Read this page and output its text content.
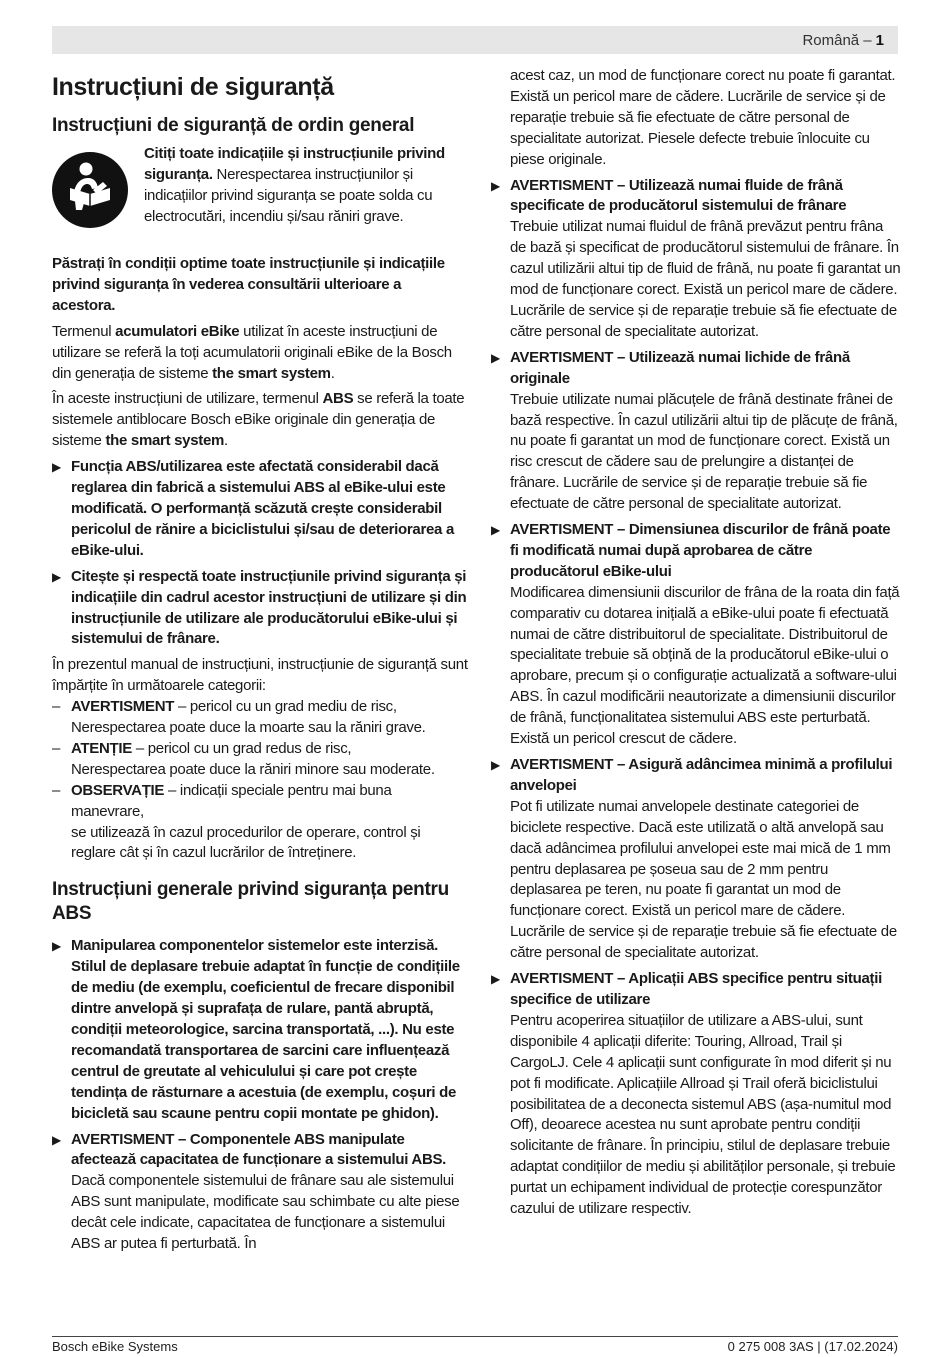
Română – 1
Instrucțiuni de siguranță
Instrucțiuni de siguranță de ordin general

Citiți toate indicațiile și instrucțiunile privind siguranța. Nerespectarea instrucțiunilor și indicațiilor privind siguranța se poate solda cu electrocutări, incendiu și/sau răniri grave.

Păstrați în condiții optime toate instrucțiunile și indicațiile privind siguranța în vederea consultării ulterioare a acestora.

Termenul acumulatori eBike utilizat în aceste instrucțiuni de utilizare se referă la toți acumulatorii originali eBike de la Bosch din generația de sisteme the smart system.

În aceste instrucțiuni de utilizare, termenul ABS se referă la toate sistemele antiblocare Bosch eBike originale din generația de sisteme the smart system.

▶ Funcția ABS/utilizarea este afectată considerabil dacă reglarea din fabrică a sistemului ABS al eBike-ului este modificată. O performanță scăzută crește considerabil pericolul de rănire a biciclistului și/sau de deteriorarea a eBike-ului.
▶ Citește și respectă toate instrucțiunile privind siguranța și indicațiile din cadrul acestor instrucțiuni de utilizare și din instrucțiunile de utilizare ale producătorului eBike-ului și sistemului de frânare.

În prezentul manual de instrucțiuni, instrucțiunie de siguranță sunt împărțite în următoarele categorii:

– AVERTISMENT – pericol cu un grad mediu de risc,
Nerespectarea poate duce la moarte sau la răniri grave.
– ATENȚIE – pericol cu un grad redus de risc,
Nerespectarea poate duce la răniri minore sau moderate.
– OBSERVAȚIE – indicații speciale pentru mai buna manevrare,
se utilizează în cazul procedurilor de operare, control și reglare cât și în cazul lucrărilor de întreținere.
Instrucțiuni generale privind siguranța pentru ABS
▶ Manipularea componentelor sistemelor este interzisă. Stilul de deplasare trebuie adaptat în funcție de condițiile de mediu (de exemplu, coeficientul de frecare disponibil dintre anvelopă și suprafața de rulare, pantă abruptă, condiții meteorologice, sarcina transportată, ...). Nu este recomandată transportarea de sarcini care influențează centrul de greutate al vehiculului și care pot crește tendința de răsturnare a acestuia (de exemplu, coșuri de bicicletă sau scaune pentru copii montate pe ghidon).
▶ AVERTISMENT – Componentele ABS manipulate afectează capacitatea de funcționare a sistemului ABS.
Dacă componentele sistemului de frânare sau ale sistemului ABS sunt manipulate, modificate sau schimbate cu alte piese decât cele indicate, capacitatea de funcționare a sistemului ABS ar putea fi perturbată. În

acest caz, un mod de funcționare corect nu poate fi garantat. Există un pericol mare de cădere. Lucrările de service și de reparație trebuie să fie efectuate de către personal de specialitate autorizat. Piesele defecte trebuie înlocuite cu piese originale.

▶ AVERTISMENT – Utilizează numai fluide de frână specificate de producătorul sistemului de frânare
Trebuie utilizat numai fluidul de frână prevăzut pentru frâna de bază și specificat de producătorul sistemului de frânare. În cazul utilizării altui tip de fluid de frână, nu poate fi garantat un mod de funcționare corect. Există un pericol mare de cădere. Lucrările de service și de reparație trebuie să fie efectuate de către personal de specialitate autorizat.
▶ AVERTISMENT – Utilizează numai lichide de frână originale
Trebuie utilizate numai plăcuțele de frână destinate frânei de bază respective. În cazul utilizării altui tip de plăcuțe de frână, nu poate fi garantat un mod de funcționare corect. Există un risc crescut de cădere sau de prelungire a distanței de frânare. Lucrările de service și de reparație trebuie să fie efectuate de către personal de specialitate autorizat.
▶ AVERTISMENT – Dimensiunea discurilor de frână poate fi modificată numai după aprobarea de către producătorul eBike-ului
Modificarea dimensiunii discurilor de frâna de la roata din față comparativ cu dotarea inițială a eBike-ului poate fi efectuată numai de către distribuitorul de specialitate. Distribuitorul de specialitate trebuie să obțină de la producătorul eBike-ului o aprobare, precum și o configurație actualizată a software-ului ABS. În cazul modificării neautorizate a dimensiunii discurilor de frână, funcționalitatea sistemului ABS este perturbată. Există un pericol crescut de cădere.
▶ AVERTISMENT – Asigură adâncimea minimă a profilului anvelopei
Pot fi utilizate numai anvelopele destinate categoriei de biciclete respective. Dacă este utilizată o altă anvelopă sau dacă adâncimea profilului anvelopei este mai mică de 1 mm pentru deplasarea pe șoseua sau de 2 mm pentru deplasarea pe teren, nu poate fi garantat un mod de funcționare corect. Există un pericol mare de cădere. Lucrările de service și de reparație trebuie să fie efectuate de către personal de specialitate autorizat.
▶ AVERTISMENT – Aplicații ABS specifice pentru situații specifice de utilizare
Pentru acoperirea situațiilor de utilizare a ABS-ului, sunt disponibile 4 aplicații diferite: Touring, Allroad, Trail și CargoLJ. Cele 4 aplicații sunt configurate în mod diferit și nu pot fi modificate. Aplicațiile Allroad și Trail oferă biciclistului posibilitatea de a deconecta sistemul ABS (așa-numitul mod Off), deoarece acestea nu sunt aprobate pentru condiții solicitante de frânare. În principiu, stilul de deplasare trebuie adaptat condițiilor de mediu și abilităților personale, și trebuie purtat un echipament individual de protecție corespunzător cazului de utilizare respectiv.
Bosch eBike Systems	0 275 008 3AS | (17.02.2024)
